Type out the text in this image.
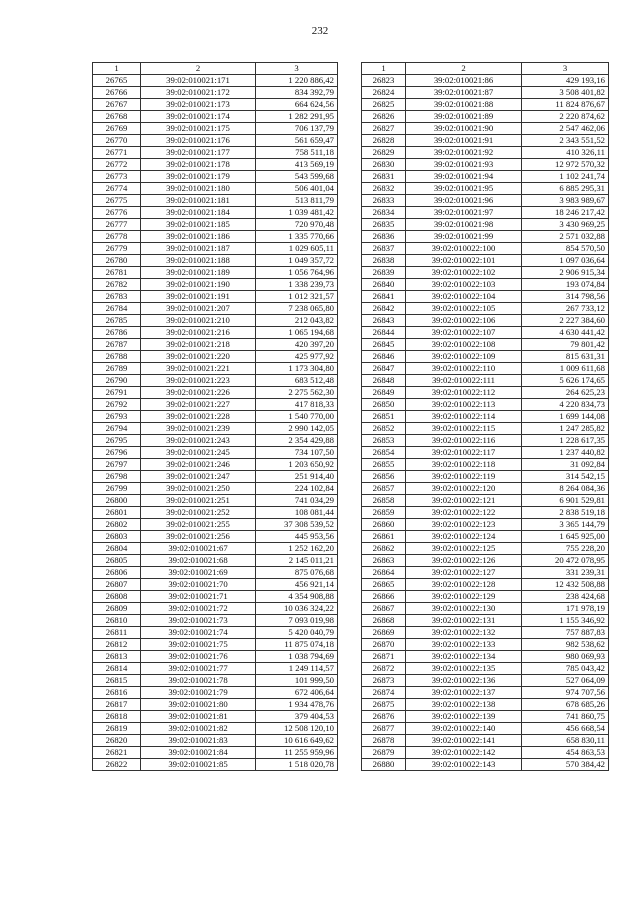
232
1	2	3
26765	39:02:010021:171	1 220 886,42
26766	39:02:010021:172	834 392,79
26767	39:02:010021:173	664 624,56
26768	39:02:010021:174	1 282 291,95
26769	39:02:010021:175	706 137,79
26770	39:02:010021:176	561 659,47
26771	39:02:010021:177	758 511,18
26772	39:02:010021:178	413 569,19
26773	39:02:010021:179	543 599,68
26774	39:02:010021:180	506 401,04
26775	39:02:010021:181	513 811,79
26776	39:02:010021:184	1 039 481,42
26777	39:02:010021:185	720 970,48
26778	39:02:010021:186	1 335 770,66
26779	39:02:010021:187	1 029 605,11
26780	39:02:010021:188	1 049 357,72
26781	39:02:010021:189	1 056 764,96
26782	39:02:010021:190	1 338 239,73
26783	39:02:010021:191	1 012 321,57
26784	39:02:010021:207	7 238 065,80
26785	39:02:010021:210	212 043,82
26786	39:02:010021:216	1 065 194,68
26787	39:02:010021:218	420 397,20
26788	39:02:010021:220	425 977,92
26789	39:02:010021:221	1 173 304,80
26790	39:02:010021:223	683 512,48
26791	39:02:010021:226	2 275 562,30
26792	39:02:010021:227	417 818,33
26793	39:02:010021:228	1 540 770,00
26794	39:02:010021:239	2 990 142,05
26795	39:02:010021:243	2 354 429,88
26796	39:02:010021:245	734 107,50
26797	39:02:010021:246	1 203 650,92
26798	39:02:010021:247	251 914,40
26799	39:02:010021:250	224 102,84
26800	39:02:010021:251	741 034,29
26801	39:02:010021:252	108 081,44
26802	39:02:010021:255	37 308 539,52
26803	39:02:010021:256	445 953,56
26804	39:02:010021:67	1 252 162,20
26805	39:02:010021:68	2 145 011,21
26806	39:02:010021:69	875 076,68
26807	39:02:010021:70	456 921,14
26808	39:02:010021:71	4 354 908,88
26809	39:02:010021:72	10 036 324,22
26810	39:02:010021:73	7 093 019,98
26811	39:02:010021:74	5 420 040,79
26812	39:02:010021:75	11 875 074,18
26813	39:02:010021:76	1 038 794,69
26814	39:02:010021:77	1 249 114,57
26815	39:02:010021:78	101 999,50
26816	39:02:010021:79	672 406,64
26817	39:02:010021:80	1 934 478,76
26818	39:02:010021:81	379 404,53
26819	39:02:010021:82	12 508 120,10
26820	39:02:010021:83	10 616 649,62
26821	39:02:010021:84	11 255 959,96
26822	39:02:010021:85	1 518 020,78
1	2	3
26823	39:02:010021:86	429 193,16
26824	39:02:010021:87	3 508 401,82
26825	39:02:010021:88	11 824 876,67
26826	39:02:010021:89	2 220 874,62
26827	39:02:010021:90	2 547 462,06
26828	39:02:010021:91	2 343 551,52
26829	39:02:010021:92	410 326,11
26830	39:02:010021:93	12 972 570,32
26831	39:02:010021:94	1 102 241,74
26832	39:02:010021:95	6 885 295,31
26833	39:02:010021:96	3 983 989,67
26834	39:02:010021:97	18 246 217,42
26835	39:02:010021:98	3 430 969,25
26836	39:02:010021:99	2 571 032,88
26837	39:02:010022:100	854 570,50
26838	39:02:010022:101	1 097 036,64
26839	39:02:010022:102	2 906 915,34
26840	39:02:010022:103	193 074,84
26841	39:02:010022:104	314 798,56
26842	39:02:010022:105	267 733,12
26843	39:02:010022:106	2 227 384,60
26844	39:02:010022:107	4 630 441,42
26845	39:02:010022:108	79 801,42
26846	39:02:010022:109	815 631,31
26847	39:02:010022:110	1 009 611,68
26848	39:02:010022:111	5 626 174,65
26849	39:02:010022:112	264 625,23
26850	39:02:010022:113	4 220 834,73
26851	39:02:010022:114	1 699 144,08
26852	39:02:010022:115	1 247 285,82
26853	39:02:010022:116	1 228 617,35
26854	39:02:010022:117	1 237 440,82
26855	39:02:010022:118	31 092,84
26856	39:02:010022:119	314 542,15
26857	39:02:010022:120	8 264 084,36
26858	39:02:010022:121	6 901 529,81
26859	39:02:010022:122	2 838 519,18
26860	39:02:010022:123	3 365 144,79
26861	39:02:010022:124	1 645 925,00
26862	39:02:010022:125	755 228,20
26863	39:02:010022:126	20 472 078,95
26864	39:02:010022:127	331 239,31
26865	39:02:010022:128	12 432 508,88
26866	39:02:010022:129	238 424,68
26867	39:02:010022:130	171 978,19
26868	39:02:010022:131	1 155 346,92
26869	39:02:010022:132	757 887,83
26870	39:02:010022:133	982 538,62
26871	39:02:010022:134	980 069,93
26872	39:02:010022:135	785 043,42
26873	39:02:010022:136	527 064,09
26874	39:02:010022:137	974 707,56
26875	39:02:010022:138	678 685,26
26876	39:02:010022:139	741 860,75
26877	39:02:010022:140	456 668,54
26878	39:02:010022:141	658 830,11
26879	39:02:010022:142	454 863,53
26880	39:02:010022:143	570 384,42
